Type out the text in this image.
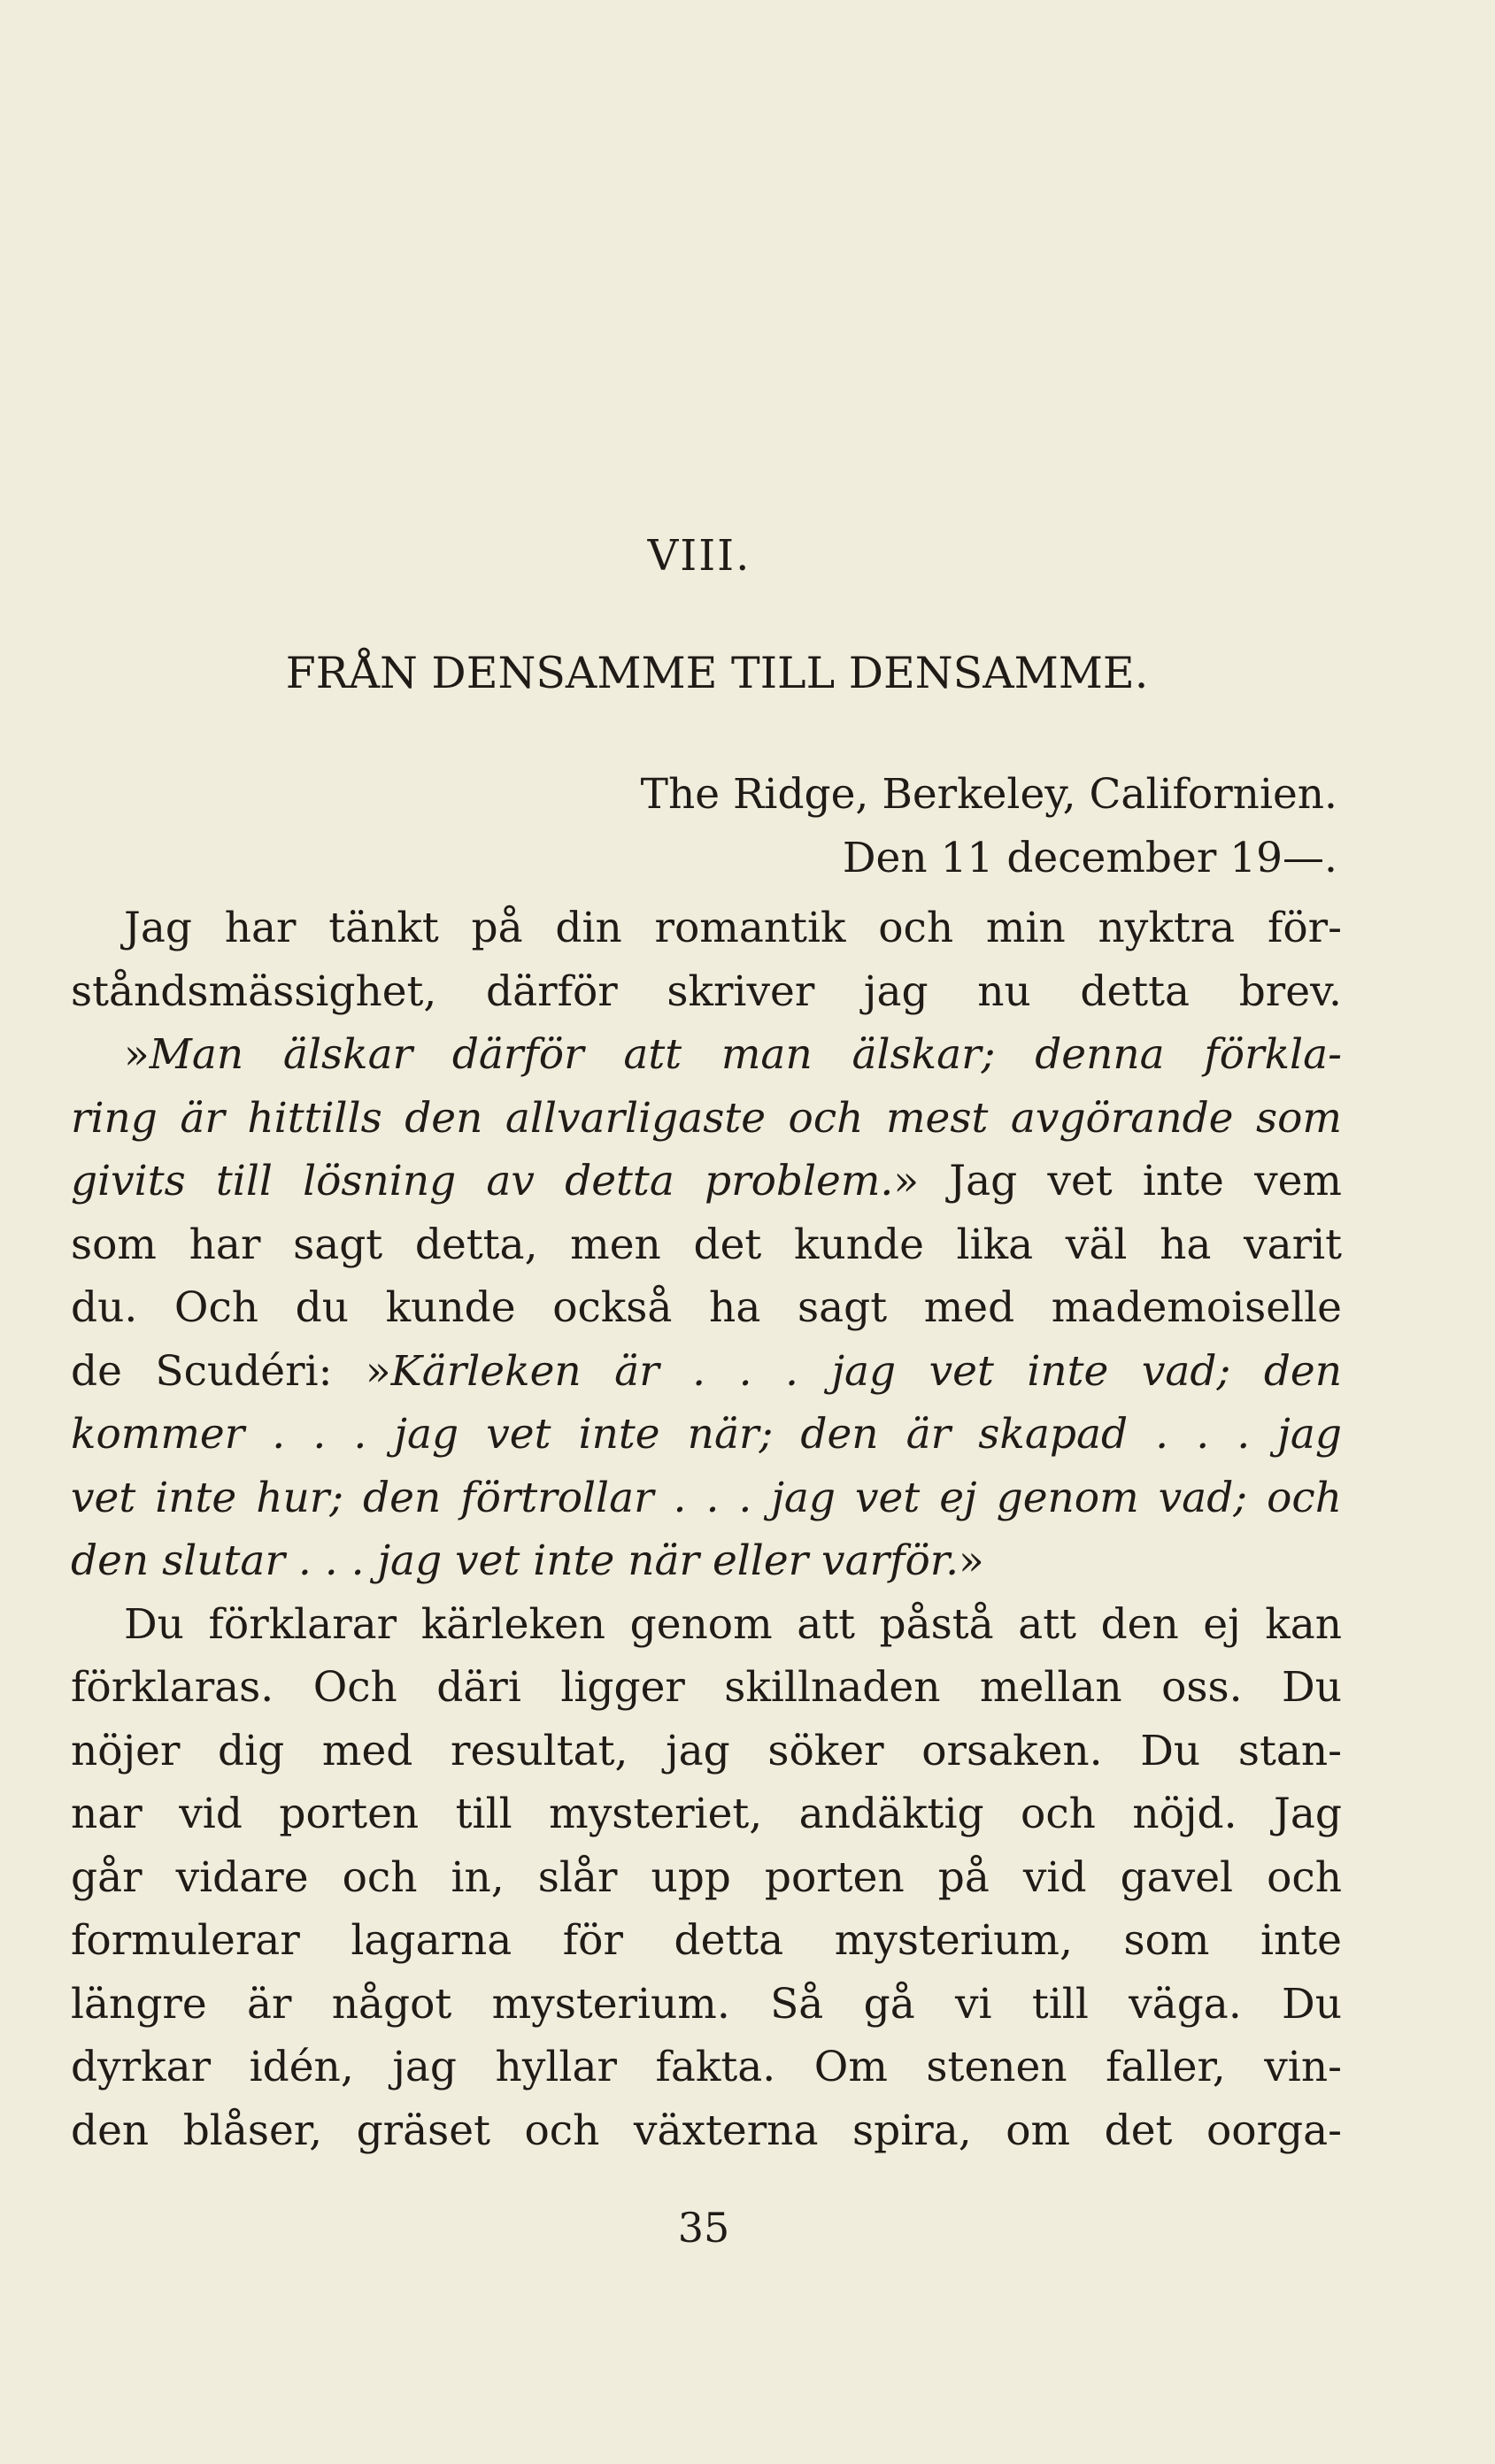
VIII.
FRÅN DENSAMME TILL DENSAMME.
The Ridge, Berkeley, Californien.
Den 11 december 19—.
Jag har tänkt på din romantik och min nyktra för-
ståndsmässighet, därför skriver jag nu detta brev.
»Man älskar därför att man älskar; denna förkla-
ring är hittills den allvarligaste och mest avgörande som
givits till lösning av detta problem.» Jag vet inte vem
som har sagt detta, men det kunde lika väl ha varit
du. Och du kunde också ha sagt med mademoiselle
de Scudéri: »Kärleken är . . . jag vet inte vad; den
kommer . . . jag vet inte när; den är skapad . . . jag
vet inte hur; den förtrollar . . . jag vet ej genom vad; och
den slutar . . . jag vet inte när eller varför.»
Du förklarar kärleken genom att påstå att den ej kan
förklaras. Och däri ligger skillnaden mellan oss. Du
nöjer dig med resultat, jag söker orsaken. Du stan-
nar vid porten till mysteriet, andäktig och nöjd. Jag
går vidare och in, slår upp porten på vid gavel och
formulerar lagarna för detta mysterium, som inte
längre är något mysterium. Så gå vi till väga. Du
dyrkar idén, jag hyllar fakta. Om stenen faller, vin-
den blåser, gräset och växterna spira, om det oorga-
35
